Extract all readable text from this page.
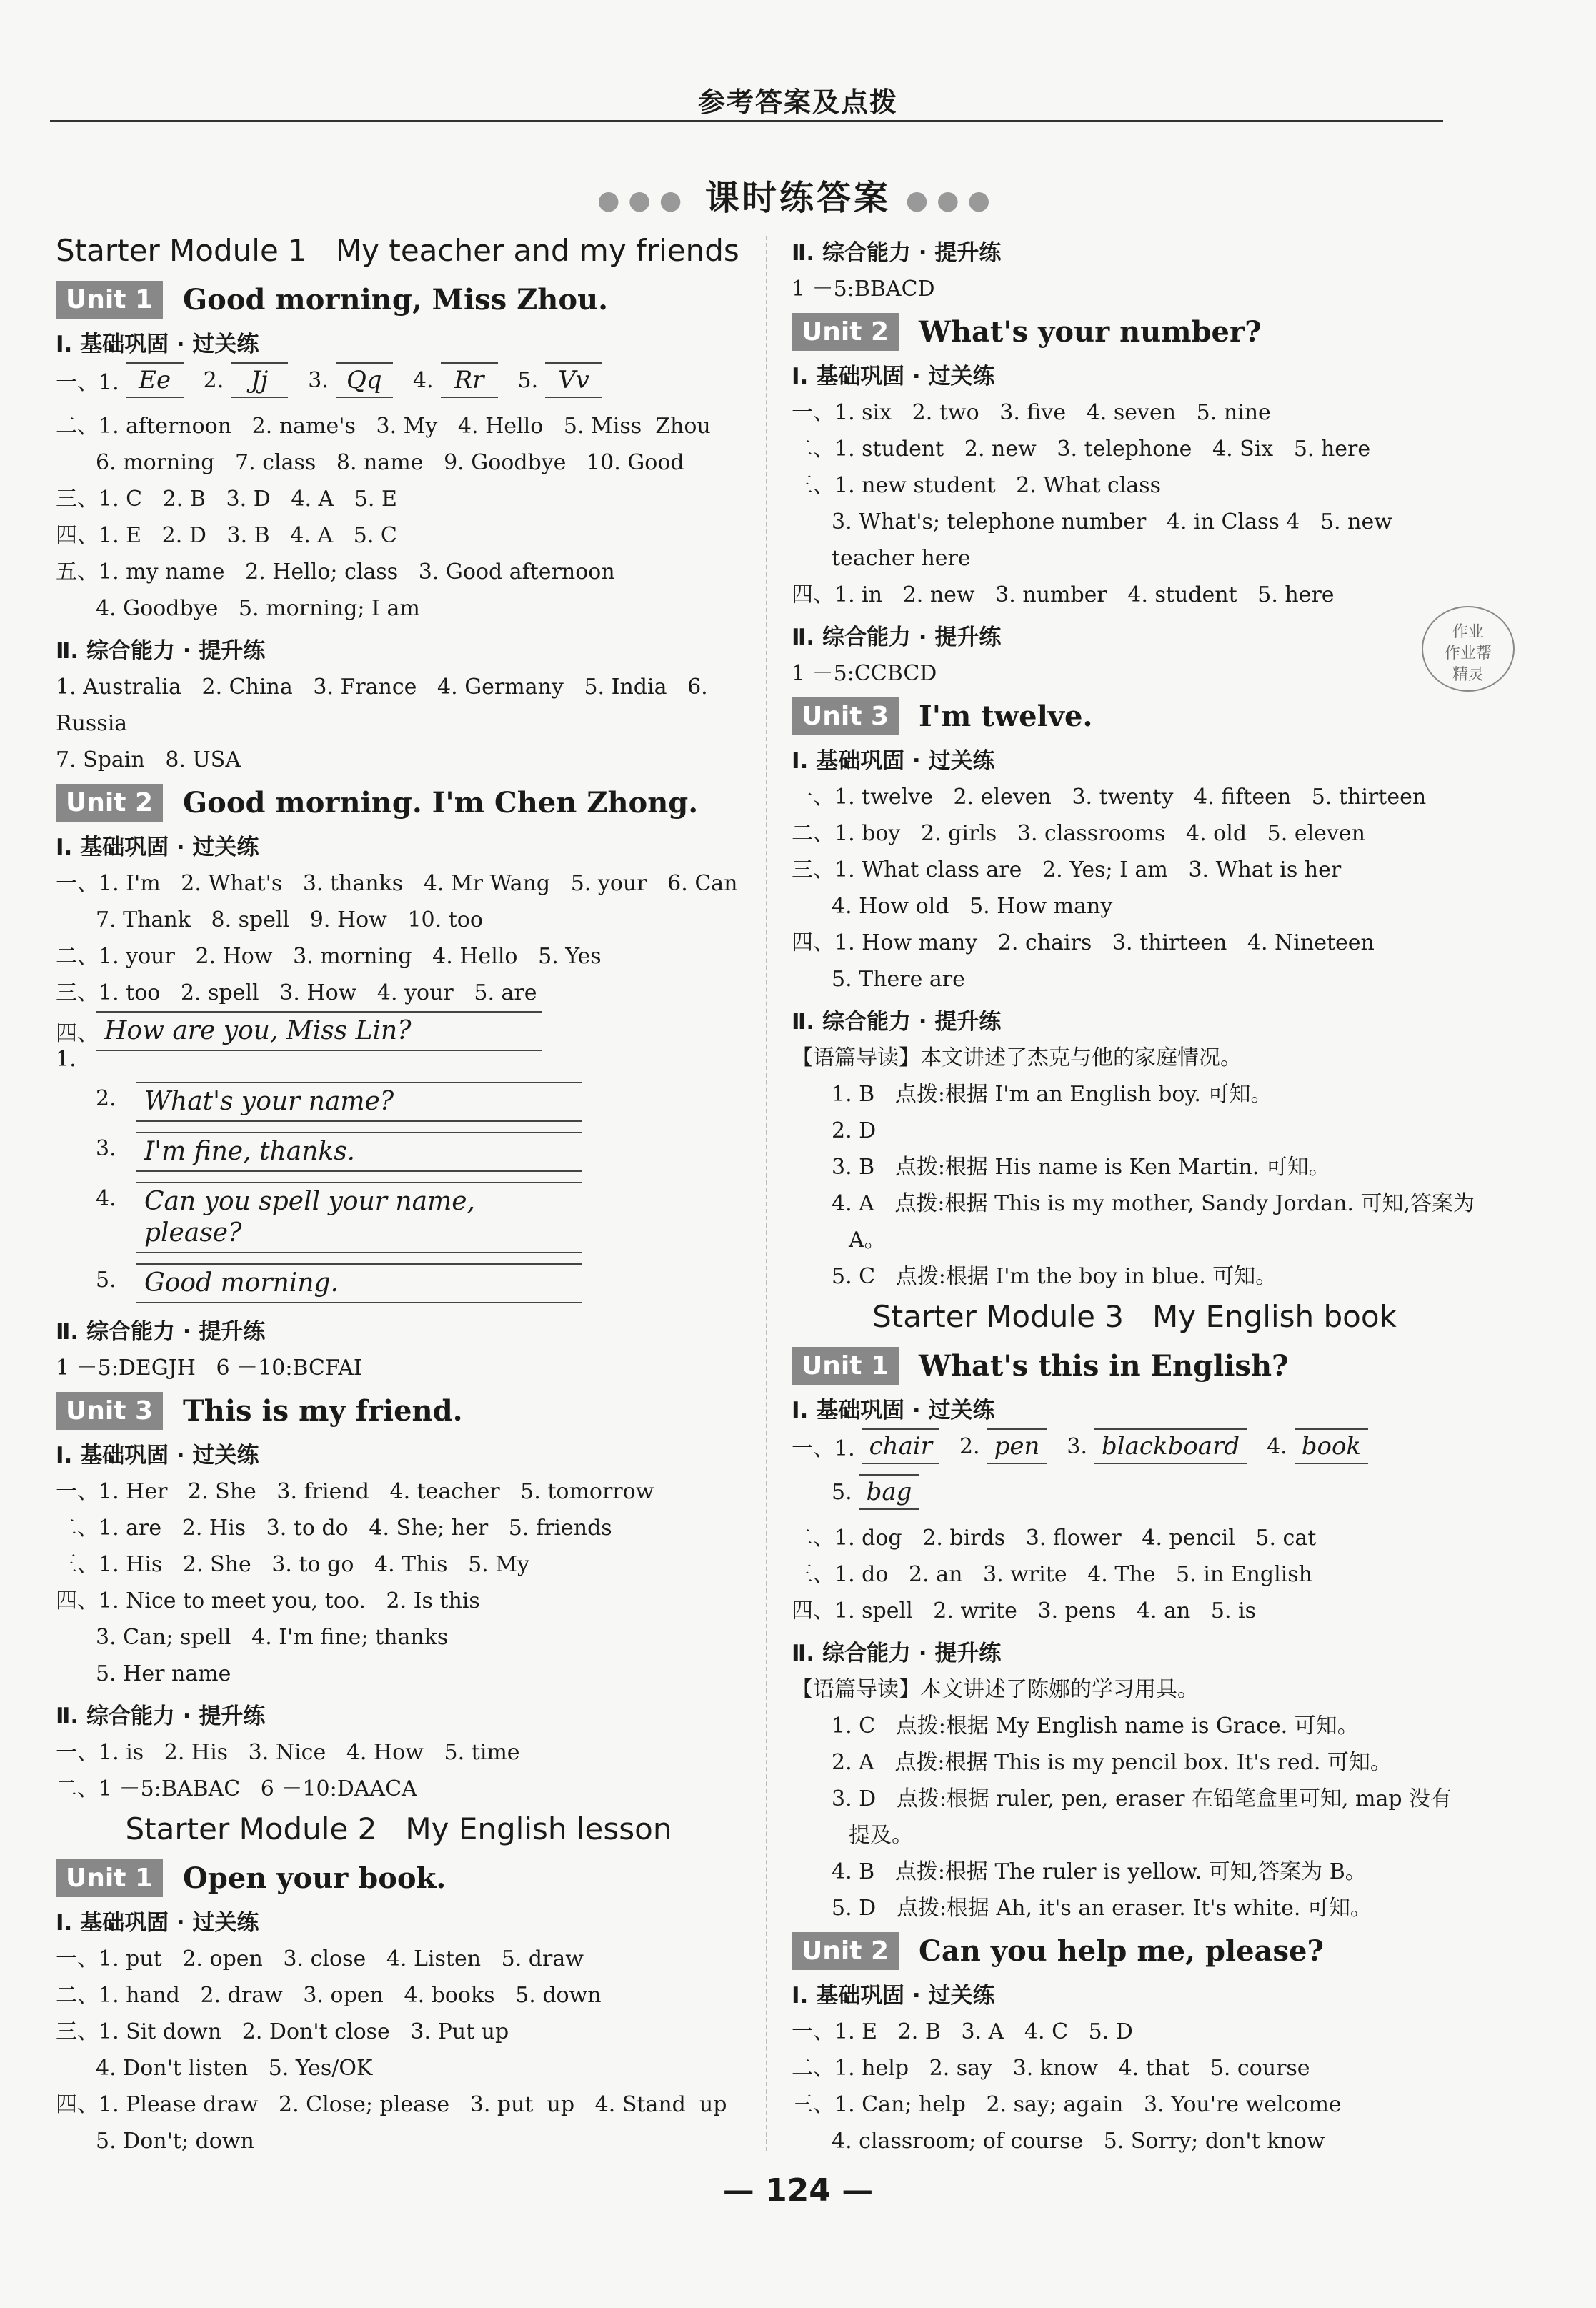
参考答案及点拨
●●● 课时练答案 ●●●
作业
作业帮
精灵
Starter Module 1   My teacher and my friends
Unit 1	Good morning, Miss Zhou.
Ⅰ. 基础巩固 · 过关练
一、1. Ee	2.	Jj	3. Qq	4. Rr	5. Vv
二、1. afternoon   2. name's   3. My   4. Hello   5. Miss  Zhou
6. morning   7. class   8. name   9. Goodbye   10. Good
三、1. C   2. B   3. D   4. A   5. E
四、1. E   2. D   3. B   4. A   5. C
五、1. my name   2. Hello; class   3. Good afternoon
4. Goodbye   5. morning; I am
Ⅱ. 综合能力 · 提升练
1. Australia   2. China   3. France   4. Germany   5. India   6. Russia
7. Spain   8. USA
Unit 2	Good morning. I'm Chen Zhong.
Ⅰ. 基础巩固 · 过关练
一、1. I'm   2. What's   3. thanks   4. Mr Wang   5. your   6. Can
7. Thank   8. spell   9. How   10. too
二、1. your   2. How   3. morning   4. Hello   5. Yes
三、1. too   2. spell   3. How   4. your   5. are
四、1.
How are you, Miss Lin?
2.	What's your name?
3.	I'm fine, thanks.
4.	Can you spell your name, please?
5.	Good morning.
Ⅱ. 综合能力 · 提升练
1 －5:DEGJH   6 －10:BCFAI
Unit 3	This is my friend.
Ⅰ. 基础巩固 · 过关练
一、1. Her   2. She   3. friend   4. teacher   5. tomorrow
二、1. are   2. His   3. to do   4. She; her   5. friends
三、1. His   2. She   3. to go   4. This   5. My
四、1. Nice to meet you, too.   2. Is this
3. Can; spell   4. I'm fine; thanks
5. Her name
Ⅱ. 综合能力 · 提升练
一、1. is   2. His   3. Nice   4. How   5. time
二、1 －5:BABAC   6 －10:DAACA
Starter Module 2   My English lesson
Unit 1	Open your book.
Ⅰ. 基础巩固 · 过关练
一、1. put   2. open   3. close   4. Listen   5. draw
二、1. hand   2. draw   3. open   4. books   5. down
三、1. Sit down   2. Don't close   3. Put up
4. Don't listen   5. Yes/OK
四、1. Please draw   2. Close; please   3. put  up   4. Stand  up
5. Don't; down
Ⅱ. 综合能力 · 提升练
1 －5:BBACD
Unit 2	What's your number?
Ⅰ. 基础巩固 · 过关练
一、1. six   2. two   3. five   4. seven   5. nine
二、1. student   2. new   3. telephone   4. Six   5. here
三、1. new student   2. What class
3. What's; telephone number   4. in Class 4   5. new teacher here
四、1. in   2. new   3. number   4. student   5. here
Ⅱ. 综合能力 · 提升练
1 －5:CCBCD
Unit 3	I'm twelve.
Ⅰ. 基础巩固 · 过关练
一、1. twelve   2. eleven   3. twenty   4. fifteen   5. thirteen
二、1. boy   2. girls   3. classrooms   4. old   5. eleven
三、1. What class are   2. Yes; I am   3. What is her
4. How old   5. How many
四、1. How many   2. chairs   3. thirteen   4. Nineteen
5. There are
Ⅱ. 综合能力 · 提升练
【语篇导读】本文讲述了杰克与他的家庭情况。
1. B   点拨:根据 I'm an English boy. 可知。
2. D
3. B   点拨:根据 His name is Ken Martin. 可知。
4. A   点拨:根据 This is my mother, Sandy Jordan. 可知,答案为
A。
5. C   点拨:根据 I'm the boy in blue. 可知。
Starter Module 3   My English book
Unit 1	What's this in English?
Ⅰ. 基础巩固 · 过关练
一、1. chair	2. pen	3. blackboard	4. book
5. bag
二、1. dog   2. birds   3. flower   4. pencil   5. cat
三、1. do   2. an   3. write   4. The   5. in English
四、1. spell   2. write   3. pens   4. an   5. is
Ⅱ. 综合能力 · 提升练
【语篇导读】本文讲述了陈娜的学习用具。
1. C   点拨:根据 My English name is Grace. 可知。
2. A   点拨:根据 This is my pencil box. It's red. 可知。
3. D   点拨:根据 ruler, pen, eraser 在铅笔盒里可知, map 没有
提及。
4. B   点拨:根据 The ruler is yellow. 可知,答案为 B。
5. D   点拨:根据 Ah, it's an eraser. It's white. 可知。
Unit 2	Can you help me, please?
Ⅰ. 基础巩固 · 过关练
一、1. E   2. B   3. A   4. C   5. D
二、1. help   2. say   3. know   4. that   5. course
三、1. Can; help   2. say; again   3. You're welcome
4. classroom; of course   5. Sorry; don't know
— 124 —
